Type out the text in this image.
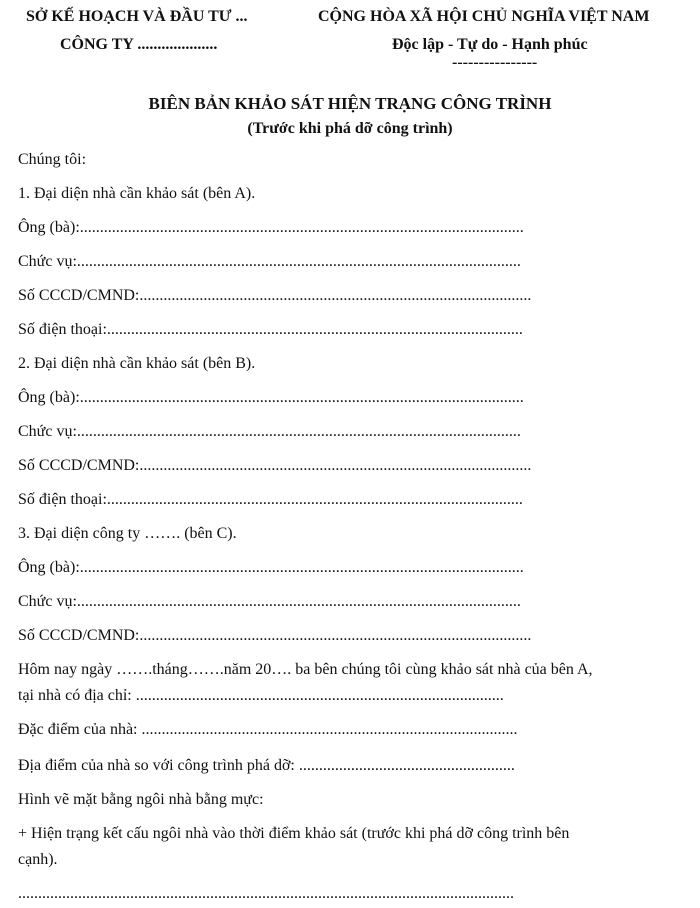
SỞ KẾ HOẠCH VÀ ĐẦU TƯ ...
CÔNG TY ....................
CỘNG HÒA XÃ HỘI CHỦ NGHĨA VIỆT NAM
Độc lập - Tự do - Hạnh phúc
----------------
BIÊN BẢN KHẢO SÁT HIỆN TRẠNG CÔNG TRÌNH
(Trước khi phá dỡ công trình)
Chúng tôi:
1. Đại diện nhà cần khảo sát (bên A).
Ông (bà):...............................................................................................................
Chức vụ:...............................................................................................................
Số CCCD/CMND:..................................................................................................
Số điện thoại:........................................................................................................
2. Đại diện nhà cần khảo sát (bên B).
Ông (bà):...............................................................................................................
Chức vụ:...............................................................................................................
Số CCCD/CMND:..................................................................................................
Số điện thoại:........................................................................................................
3. Đại diện công ty ……. (bên C).
Ông (bà):...............................................................................................................
Chức vụ:...............................................................................................................
Số CCCD/CMND:..................................................................................................
Hôm nay ngày …….tháng…….năm 20…. ba bên chúng tôi cùng khảo sát nhà của bên A,
tại nhà có địa chỉ: ............................................................................................
Đặc điểm của nhà: ..............................................................................................
Địa điểm của nhà so với công trình phá dỡ: ......................................................
Hình vẽ mặt bằng ngôi nhà bằng mực:
+ Hiện trạng kết cấu ngôi nhà vào thời điểm khảo sát (trước khi phá dỡ công trình bên
cạnh).
............................................................................................................................
